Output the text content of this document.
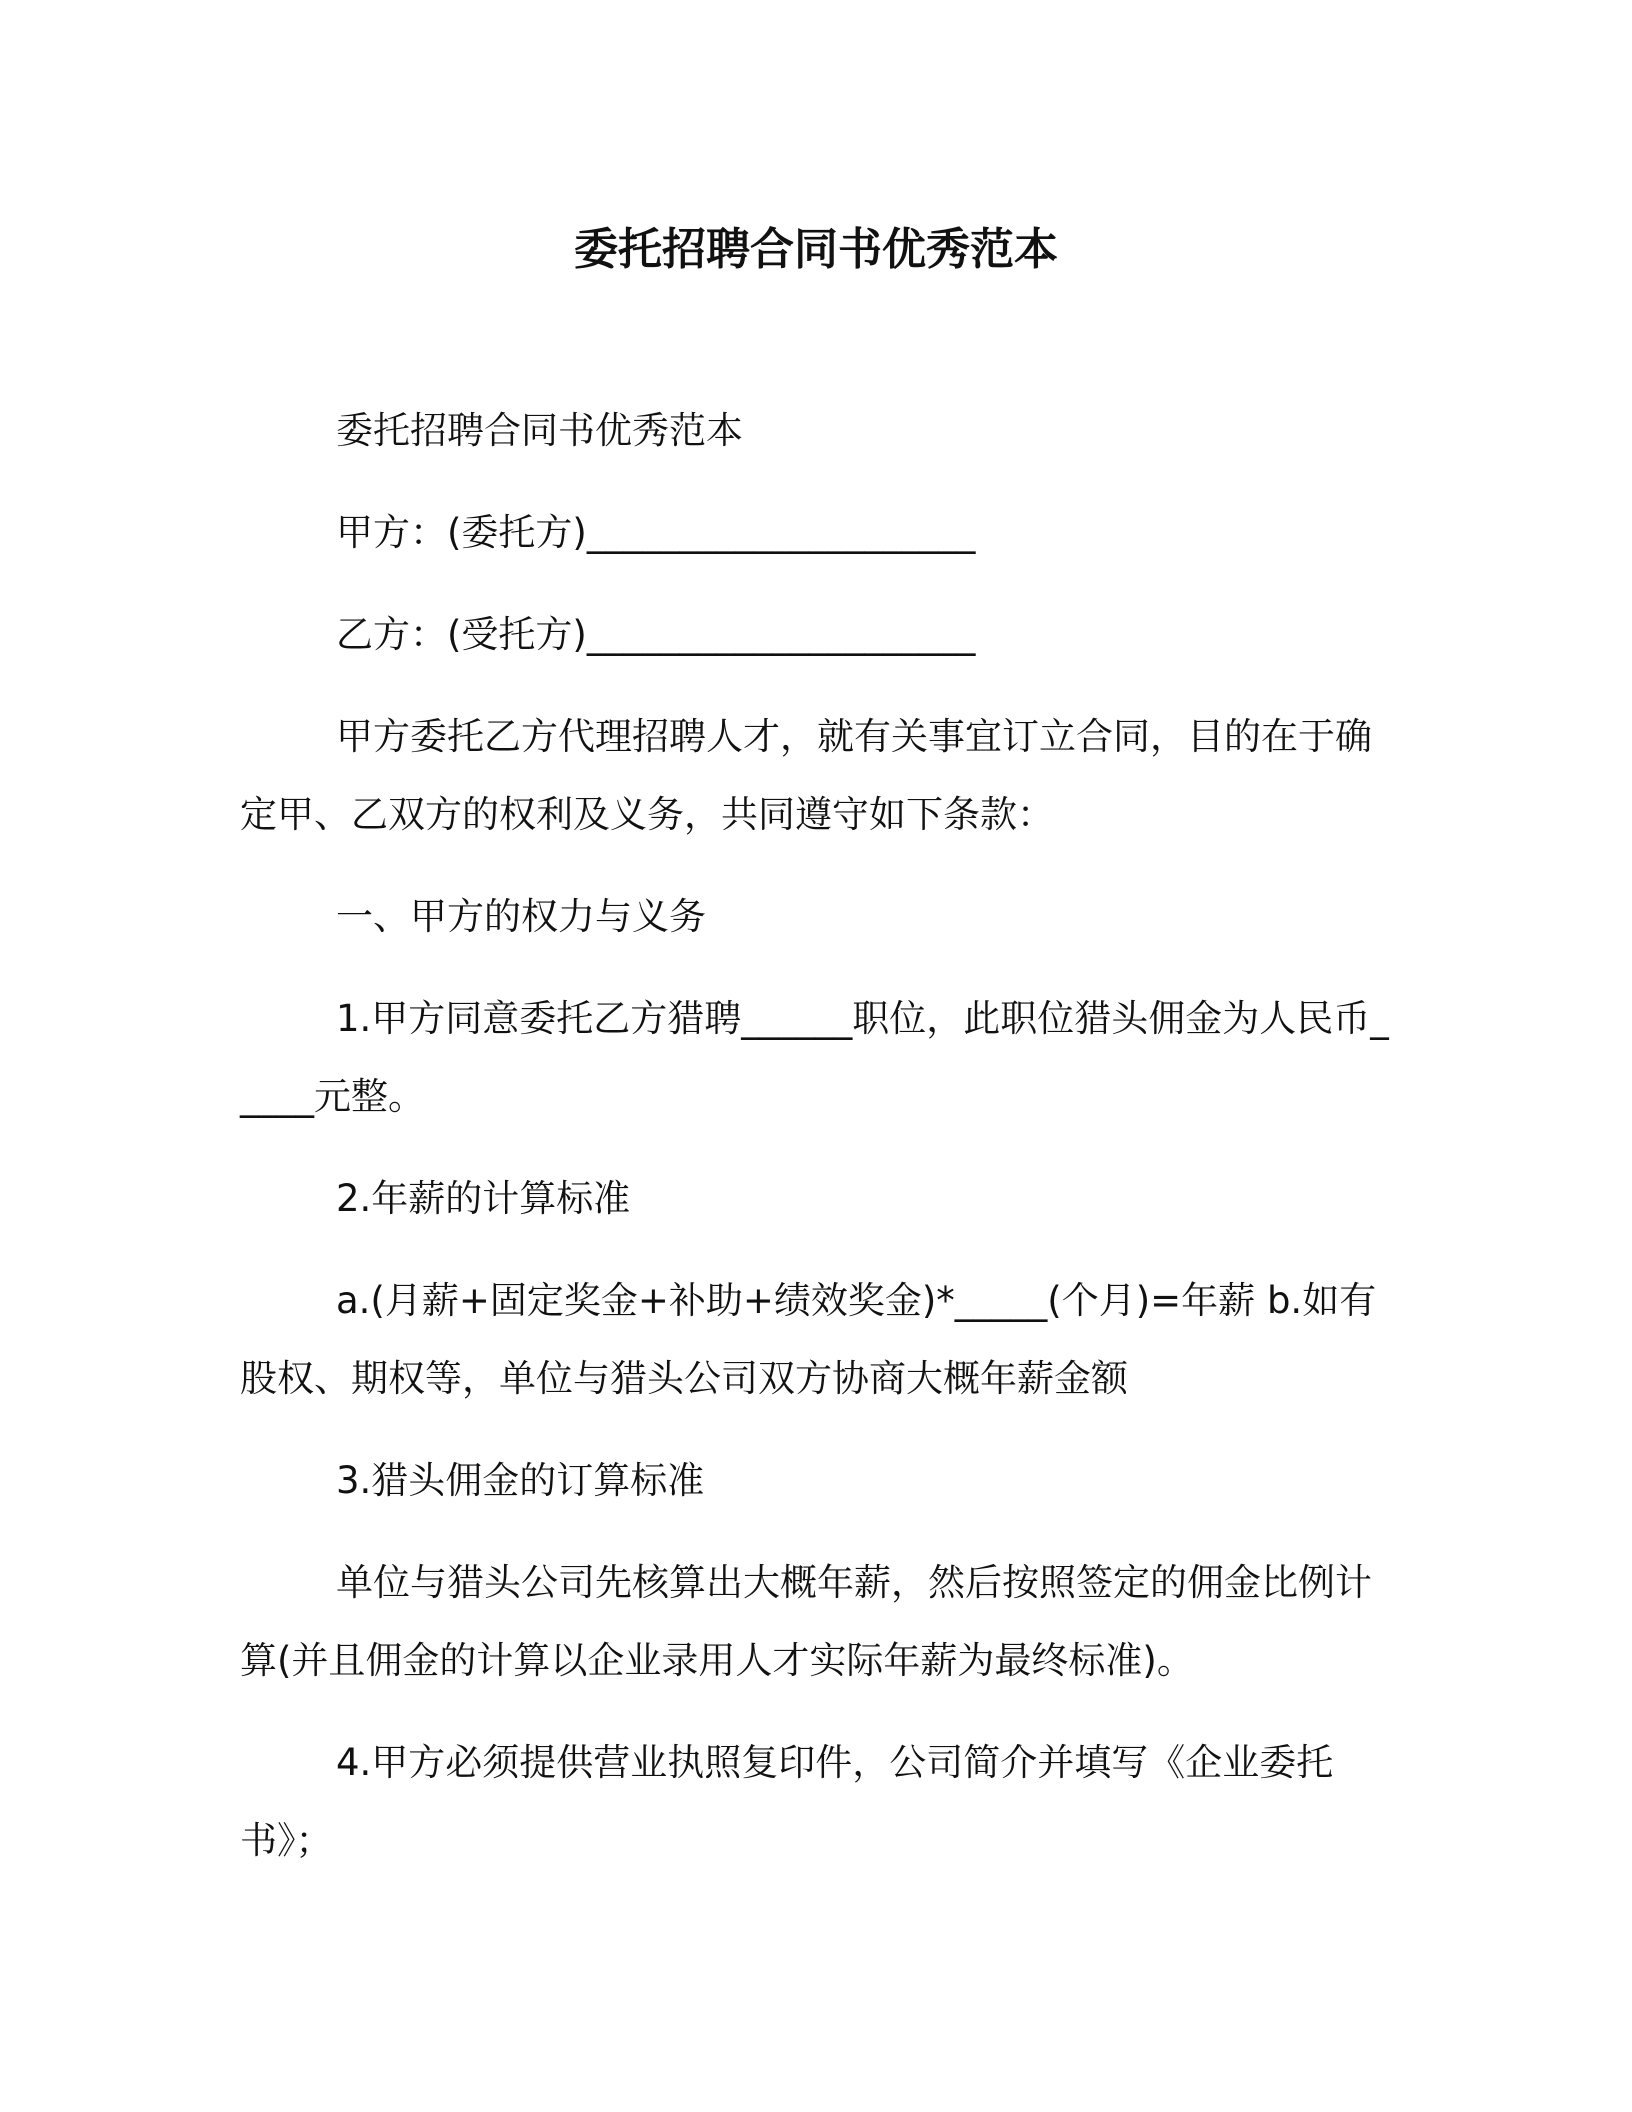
委托招聘合同书优秀范本

委托招聘合同书优秀范本

甲方：(委托方)_____________________

乙方：(受托方)_____________________

甲方委托乙方代理招聘人才，就有关事宜订立合同，目的在于确定甲、乙双方的权利及义务，共同遵守如下条款：

一、甲方的权力与义务

1.甲方同意委托乙方猎聘______职位，此职位猎头佣金为人民币_____元整。

2.年薪的计算标准

a.(月薪+固定奖金+补助+绩效奖金)*_____(个月)=年薪 b.如有股权、期权等，单位与猎头公司双方协商大概年薪金额

3.猎头佣金的订算标准

单位与猎头公司先核算出大概年薪，然后按照签定的佣金比例计算(并且佣金的计算以企业录用人才实际年薪为最终标准)。

4.甲方必须提供营业执照复印件，公司简介并填写《企业委托书》；
